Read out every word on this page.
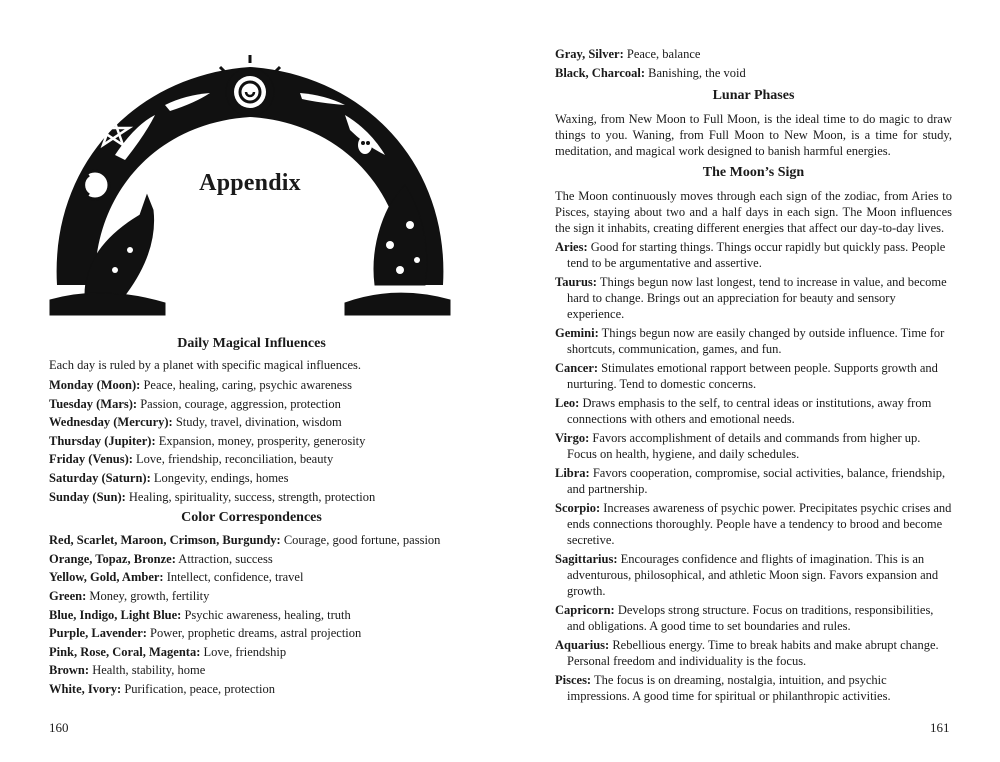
Appendix
Daily Magical Influences

Each day is ruled by a planet with specific magical influences.

Monday (Moon): Peace, healing, caring, psychic awareness
Tuesday (Mars): Passion, courage, aggression, protection
Wednesday (Mercury): Study, travel, divination, wisdom
Thursday (Jupiter): Expansion, money, prosperity, generosity
Friday (Venus): Love, friendship, reconciliation, beauty
Saturday (Saturn): Longevity, endings, homes
Sunday (Sun): Healing, spirituality, success, strength, protection
Color Correspondences
Red, Scarlet, Maroon, Crimson, Burgundy: Courage, good fortune, passion
Orange, Topaz, Bronze: Attraction, success
Yellow, Gold, Amber: Intellect, confidence, travel
Green: Money, growth, fertility
Blue, Indigo, Light Blue: Psychic awareness, healing, truth
Purple, Lavender: Power, prophetic dreams, astral projection
Pink, Rose, Coral, Magenta: Love, friendship
Brown: Health, stability, home
White, Ivory: Purification, peace, protection
160
Gray, Silver: Peace, balance
Black, Charcoal: Banishing, the void
Lunar Phases

Waxing, from New Moon to Full Moon, is the ideal time to do magic to draw things to you. Waning, from Full Moon to New Moon, is a time for study, meditation, and magical work designed to banish harmful energies.

The Moon’s Sign

The Moon continuously moves through each sign of the zodiac, from Aries to Pisces, staying about two and a half days in each sign. The Moon influences the sign it inhabits, creating different energies that affect our day-to-day lives.

Aries: Good for starting things. Things occur rapidly but quickly pass. People tend to be argumentative and assertive.
Taurus: Things begun now last longest, tend to increase in value, and become hard to change. Brings out an appreciation for beauty and sensory experience.
Gemini: Things begun now are easily changed by outside influence. Time for shortcuts, communication, games, and fun.
Cancer: Stimulates emotional rapport between people. Supports growth and nurturing. Tend to domestic concerns.
Leo: Draws emphasis to the self, to central ideas or institutions, away from connections with others and emotional needs.
Virgo: Favors accomplishment of details and commands from higher up. Focus on health, hygiene, and daily schedules.
Libra: Favors cooperation, compromise, social activities, balance, friendship, and partnership.
Scorpio: Increases awareness of psychic power. Precipitates psychic crises and ends connections thoroughly. People have a tendency to brood and become secretive.
Sagittarius: Encourages confidence and flights of imagination. This is an adventurous, philosophical, and athletic Moon sign. Favors expansion and growth.
Capricorn: Develops strong structure. Focus on traditions, responsibilities, and obligations. A good time to set boundaries and rules.
Aquarius: Rebellious energy. Time to break habits and make abrupt change. Personal freedom and individuality is the focus.
Pisces: The focus is on dreaming, nostalgia, intuition, and psychic impressions. A good time for spiritual or philanthropic activities.
161
